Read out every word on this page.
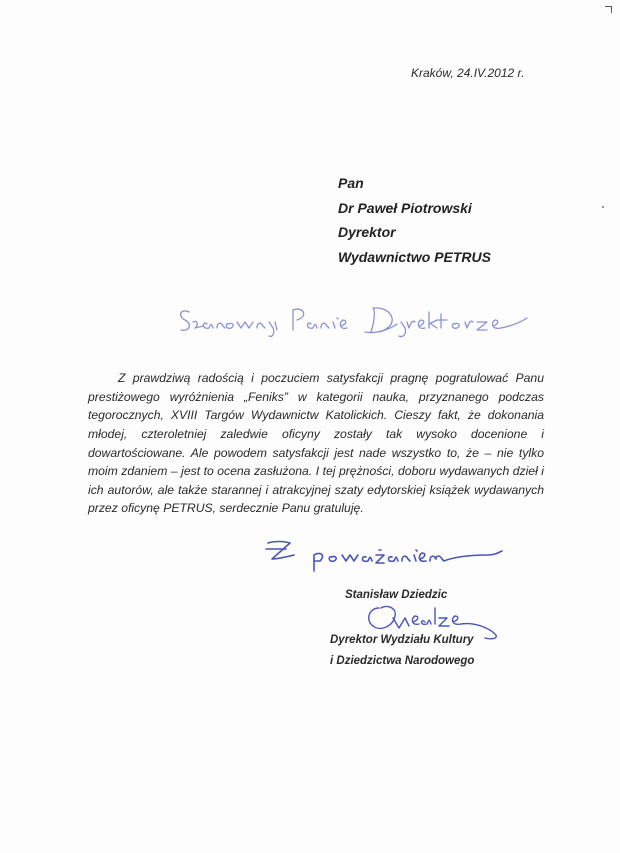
Kraków, 24.IV.2012 r.
Pan
Dr Paweł Piotrowski
Dyrektor
Wydawnictwo PETRUS

Z prawdziwą radością i poczuciem satysfakcji pragnę pogratulować Panu prestiżowego wyróżnienia „Feniks” w kategorii nauka, przyznanego podczas tegorocznych, XVIII Targów Wydawnictw Katolickich. Cieszy fakt, że dokonania młodej, czteroletniej zaledwie oficyny zostały tak wysoko docenione i dowartościowane. Ale powodem satysfakcji jest nade wszystko to, że – nie tylko moim zdaniem – jest to ocena zasłużona. I tej prężności, doboru wydawanych dzieł i ich autorów, ale także starannej i atrakcyjnej szaty edytorskiej książek wydawanych przez oficynę PETRUS, serdecznie Panu gratuluję.

Stanisław Dziedzic
Dyrektor Wydziału Kultury
i Dziedzictwa Narodowego
